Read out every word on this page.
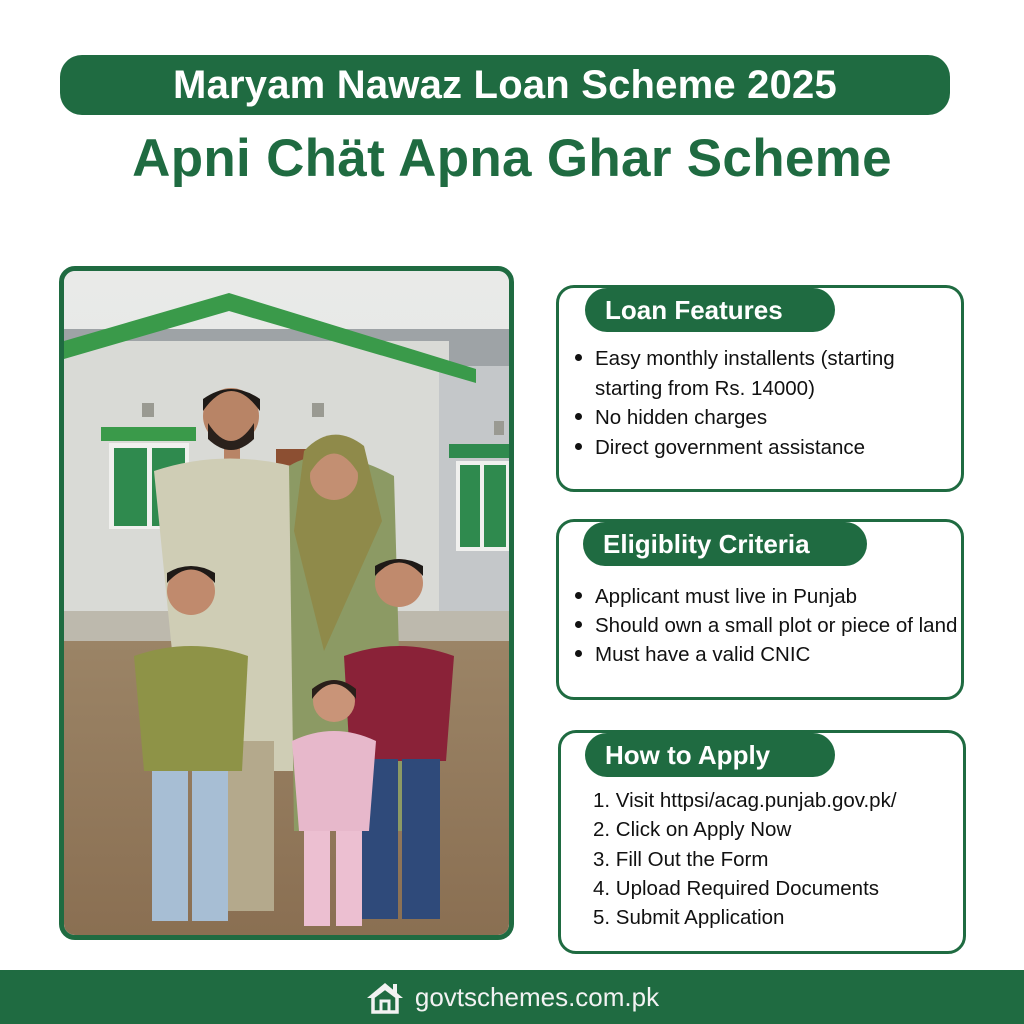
Maryam Nawaz Loan Scheme 2025
Apni Chät Apna Ghar Scheme
Loan Features
Easy monthly installents (starting
starting from Rs. 14000)
No hidden charges
Direct government assistance
Eligiblity Criteria
Applicant must live in Punjab
Should own a small plot or piece of land
Must have a valid CNIC
How to Apply
1. Visit httpsi/acag.punjab.gov.pk/
2. Click on Apply Now
3. Fill Out the Form
4. Upload Required Documents
5. Submit Application
govtschemes.com.pk
